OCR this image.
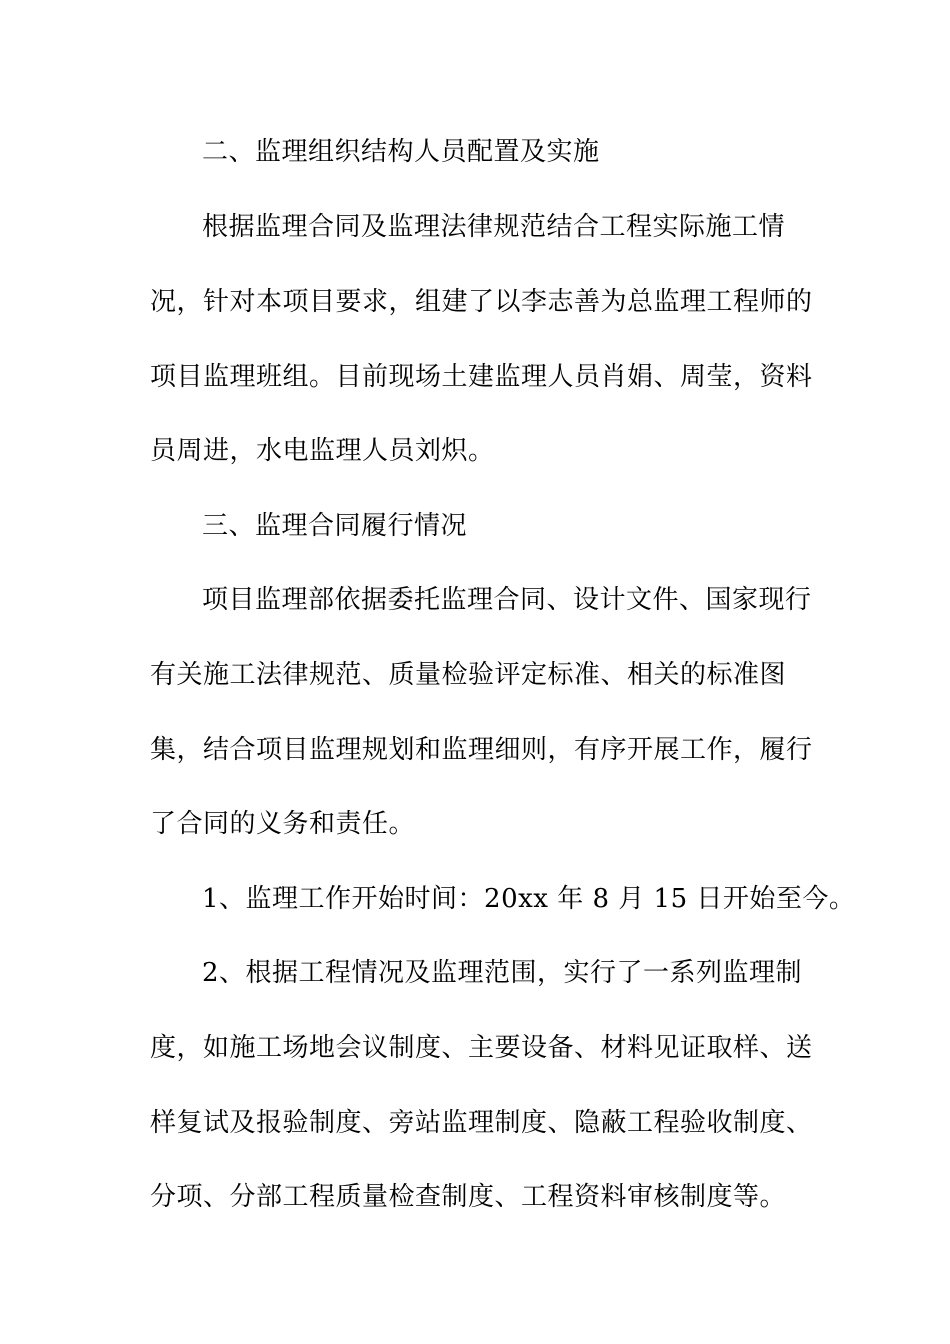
二、监理组织结构人员配置及实施
根据监理合同及监理法律规范结合工程实际施工情
况，针对本项目要求，组建了以李志善为总监理工程师的
项目监理班组。目前现场土建监理人员肖娟、周莹，资料
员周进，水电监理人员刘炽。
三、监理合同履行情况
项目监理部依据委托监理合同、设计文件、国家现行
有关施工法律规范、质量检验评定标准、相关的标准图
集，结合项目监理规划和监理细则，有序开展工作，履行
了合同的义务和责任。
1、监理工作开始时间：20xx 年 8 月 15 日开始至今。
2、根据工程情况及监理范围，实行了一系列监理制
度，如施工场地会议制度、主要设备、材料见证取样、送
样复试及报验制度、旁站监理制度、隐蔽工程验收制度、
分项、分部工程质量检查制度、工程资料审核制度等。
